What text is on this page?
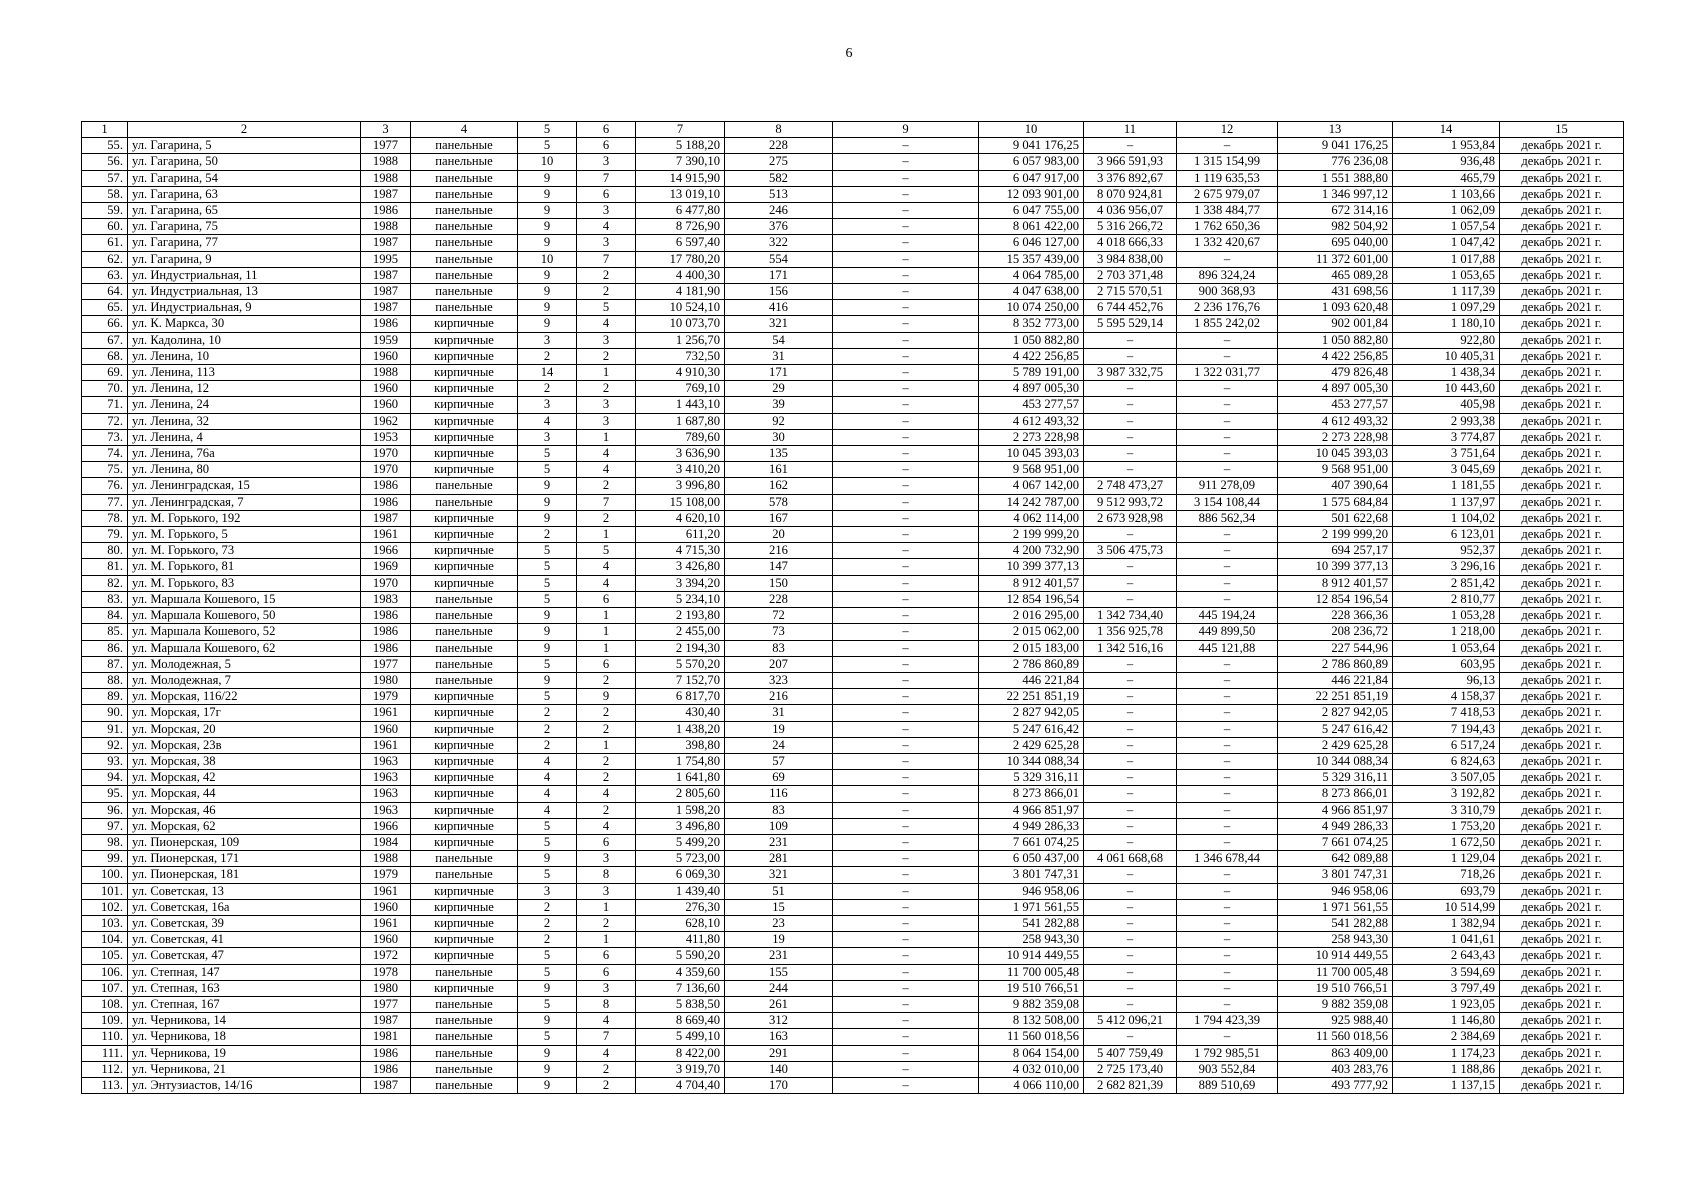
6
1	2	3	4	5	6	7	8	9	10	11	12	13	14	15
55.	ул. Гагарина, 5	1977	панельные	5	6	5 188,20	228	–	9 041 176,25	–	–	9 041 176,25	1 953,84	декабрь 2021 г.
56.	ул. Гагарина, 50	1988	панельные	10	3	7 390,10	275	–	6 057 983,00	3 966 591,93	1 315 154,99	776 236,08	936,48	декабрь 2021 г.
57.	ул. Гагарина, 54	1988	панельные	9	7	14 915,90	582	–	6 047 917,00	3 376 892,67	1 119 635,53	1 551 388,80	465,79	декабрь 2021 г.
58.	ул. Гагарина, 63	1987	панельные	9	6	13 019,10	513	–	12 093 901,00	8 070 924,81	2 675 979,07	1 346 997,12	1 103,66	декабрь 2021 г.
59.	ул. Гагарина, 65	1986	панельные	9	3	6 477,80	246	–	6 047 755,00	4 036 956,07	1 338 484,77	672 314,16	1 062,09	декабрь 2021 г.
60.	ул. Гагарина, 75	1988	панельные	9	4	8 726,90	376	–	8 061 422,00	5 316 266,72	1 762 650,36	982 504,92	1 057,54	декабрь 2021 г.
61.	ул. Гагарина, 77	1987	панельные	9	3	6 597,40	322	–	6 046 127,00	4 018 666,33	1 332 420,67	695 040,00	1 047,42	декабрь 2021 г.
62.	ул. Гагарина, 9	1995	панельные	10	7	17 780,20	554	–	15 357 439,00	3 984 838,00	–	11 372 601,00	1 017,88	декабрь 2021 г.
63.	ул. Индустриальная, 11	1987	панельные	9	2	4 400,30	171	–	4 064 785,00	2 703 371,48	896 324,24	465 089,28	1 053,65	декабрь 2021 г.
64.	ул. Индустриальная, 13	1987	панельные	9	2	4 181,90	156	–	4 047 638,00	2 715 570,51	900 368,93	431 698,56	1 117,39	декабрь 2021 г.
65.	ул. Индустриальная, 9	1987	панельные	9	5	10 524,10	416	–	10 074 250,00	6 744 452,76	2 236 176,76	1 093 620,48	1 097,29	декабрь 2021 г.
66.	ул. К. Маркса, 30	1986	кирпичные	9	4	10 073,70	321	–	8 352 773,00	5 595 529,14	1 855 242,02	902 001,84	1 180,10	декабрь 2021 г.
67.	ул. Кадолина, 10	1959	кирпичные	3	3	1 256,70	54	–	1 050 882,80	–	–	1 050 882,80	922,80	декабрь 2021 г.
68.	ул. Ленина, 10	1960	кирпичные	2	2	732,50	31	–	4 422 256,85	–	–	4 422 256,85	10 405,31	декабрь 2021 г.
69.	ул. Ленина, 113	1988	кирпичные	14	1	4 910,30	171	–	5 789 191,00	3 987 332,75	1 322 031,77	479 826,48	1 438,34	декабрь 2021 г.
70.	ул. Ленина, 12	1960	кирпичные	2	2	769,10	29	–	4 897 005,30	–	–	4 897 005,30	10 443,60	декабрь 2021 г.
71.	ул. Ленина, 24	1960	кирпичные	3	3	1 443,10	39	–	453 277,57	–	–	453 277,57	405,98	декабрь 2021 г.
72.	ул. Ленина, 32	1962	кирпичные	4	3	1 687,80	92	–	4 612 493,32	–	–	4 612 493,32	2 993,38	декабрь 2021 г.
73.	ул. Ленина, 4	1953	кирпичные	3	1	789,60	30	–	2 273 228,98	–	–	2 273 228,98	3 774,87	декабрь 2021 г.
74.	ул. Ленина, 76а	1970	кирпичные	5	4	3 636,90	135	–	10 045 393,03	–	–	10 045 393,03	3 751,64	декабрь 2021 г.
75.	ул. Ленина, 80	1970	кирпичные	5	4	3 410,20	161	–	9 568 951,00	–	–	9 568 951,00	3 045,69	декабрь 2021 г.
76.	ул. Ленинградская, 15	1986	панельные	9	2	3 996,80	162	–	4 067 142,00	2 748 473,27	911 278,09	407 390,64	1 181,55	декабрь 2021 г.
77.	ул. Ленинградская, 7	1986	панельные	9	7	15 108,00	578	–	14 242 787,00	9 512 993,72	3 154 108,44	1 575 684,84	1 137,97	декабрь 2021 г.
78.	ул. М. Горького, 192	1987	кирпичные	9	2	4 620,10	167	–	4 062 114,00	2 673 928,98	886 562,34	501 622,68	1 104,02	декабрь 2021 г.
79.	ул. М. Горького, 5	1961	кирпичные	2	1	611,20	20	–	2 199 999,20	–	–	2 199 999,20	6 123,01	декабрь 2021 г.
80.	ул. М. Горького, 73	1966	кирпичные	5	5	4 715,30	216	–	4 200 732,90	3 506 475,73	–	694 257,17	952,37	декабрь 2021 г.
81.	ул. М. Горького, 81	1969	кирпичные	5	4	3 426,80	147	–	10 399 377,13	–	–	10 399 377,13	3 296,16	декабрь 2021 г.
82.	ул. М. Горького, 83	1970	кирпичные	5	4	3 394,20	150	–	8 912 401,57	–	–	8 912 401,57	2 851,42	декабрь 2021 г.
83.	ул. Маршала Кошевого, 15	1983	панельные	5	6	5 234,10	228	–	12 854 196,54	–	–	12 854 196,54	2 810,77	декабрь 2021 г.
84.	ул. Маршала Кошевого, 50	1986	панельные	9	1	2 193,80	72	–	2 016 295,00	1 342 734,40	445 194,24	228 366,36	1 053,28	декабрь 2021 г.
85.	ул. Маршала Кошевого, 52	1986	панельные	9	1	2 455,00	73	–	2 015 062,00	1 356 925,78	449 899,50	208 236,72	1 218,00	декабрь 2021 г.
86.	ул. Маршала Кошевого, 62	1986	панельные	9	1	2 194,30	83	–	2 015 183,00	1 342 516,16	445 121,88	227 544,96	1 053,64	декабрь 2021 г.
87.	ул. Молодежная, 5	1977	панельные	5	6	5 570,20	207	–	2 786 860,89	–	–	2 786 860,89	603,95	декабрь 2021 г.
88.	ул. Молодежная, 7	1980	панельные	9	2	7 152,70	323	–	446 221,84	–	–	446 221,84	96,13	декабрь 2021 г.
89.	ул. Морская, 116/22	1979	кирпичные	5	9	6 817,70	216	–	22 251 851,19	–	–	22 251 851,19	4 158,37	декабрь 2021 г.
90.	ул. Морская, 17г	1961	кирпичные	2	2	430,40	31	–	2 827 942,05	–	–	2 827 942,05	7 418,53	декабрь 2021 г.
91.	ул. Морская, 20	1960	кирпичные	2	2	1 438,20	19	–	5 247 616,42	–	–	5 247 616,42	7 194,43	декабрь 2021 г.
92.	ул. Морская, 23в	1961	кирпичные	2	1	398,80	24	–	2 429 625,28	–	–	2 429 625,28	6 517,24	декабрь 2021 г.
93.	ул. Морская, 38	1963	кирпичные	4	2	1 754,80	57	–	10 344 088,34	–	–	10 344 088,34	6 824,63	декабрь 2021 г.
94.	ул. Морская, 42	1963	кирпичные	4	2	1 641,80	69	–	5 329 316,11	–	–	5 329 316,11	3 507,05	декабрь 2021 г.
95.	ул. Морская, 44	1963	кирпичные	4	4	2 805,60	116	–	8 273 866,01	–	–	8 273 866,01	3 192,82	декабрь 2021 г.
96.	ул. Морская, 46	1963	кирпичные	4	2	1 598,20	83	–	4 966 851,97	–	–	4 966 851,97	3 310,79	декабрь 2021 г.
97.	ул. Морская, 62	1966	кирпичные	5	4	3 496,80	109	–	4 949 286,33	–	–	4 949 286,33	1 753,20	декабрь 2021 г.
98.	ул. Пионерская, 109	1984	кирпичные	5	6	5 499,20	231	–	7 661 074,25	–	–	7 661 074,25	1 672,50	декабрь 2021 г.
99.	ул. Пионерская, 171	1988	панельные	9	3	5 723,00	281	–	6 050 437,00	4 061 668,68	1 346 678,44	642 089,88	1 129,04	декабрь 2021 г.
100.	ул. Пионерская, 181	1979	панельные	5	8	6 069,30	321	–	3 801 747,31	–	–	3 801 747,31	718,26	декабрь 2021 г.
101.	ул. Советская, 13	1961	кирпичные	3	3	1 439,40	51	–	946 958,06	–	–	946 958,06	693,79	декабрь 2021 г.
102.	ул. Советская, 16а	1960	кирпичные	2	1	276,30	15	–	1 971 561,55	–	–	1 971 561,55	10 514,99	декабрь 2021 г.
103.	ул. Советская, 39	1961	кирпичные	2	2	628,10	23	–	541 282,88	–	–	541 282,88	1 382,94	декабрь 2021 г.
104.	ул. Советская, 41	1960	кирпичные	2	1	411,80	19	–	258 943,30	–	–	258 943,30	1 041,61	декабрь 2021 г.
105.	ул. Советская, 47	1972	кирпичные	5	6	5 590,20	231	–	10 914 449,55	–	–	10 914 449,55	2 643,43	декабрь 2021 г.
106.	ул. Степная, 147	1978	панельные	5	6	4 359,60	155	–	11 700 005,48	–	–	11 700 005,48	3 594,69	декабрь 2021 г.
107.	ул. Степная, 163	1980	кирпичные	9	3	7 136,60	244	–	19 510 766,51	–	–	19 510 766,51	3 797,49	декабрь 2021 г.
108.	ул. Степная, 167	1977	панельные	5	8	5 838,50	261	–	9 882 359,08	–	–	9 882 359,08	1 923,05	декабрь 2021 г.
109.	ул. Черникова, 14	1987	панельные	9	4	8 669,40	312	–	8 132 508,00	5 412 096,21	1 794 423,39	925 988,40	1 146,80	декабрь 2021 г.
110.	ул. Черникова, 18	1981	панельные	5	7	5 499,10	163	–	11 560 018,56	–	–	11 560 018,56	2 384,69	декабрь 2021 г.
111.	ул. Черникова, 19	1986	панельные	9	4	8 422,00	291	–	8 064 154,00	5 407 759,49	1 792 985,51	863 409,00	1 174,23	декабрь 2021 г.
112.	ул. Черникова, 21	1986	панельные	9	2	3 919,70	140	–	4 032 010,00	2 725 173,40	903 552,84	403 283,76	1 188,86	декабрь 2021 г.
113.	ул. Энтузиастов, 14/16	1987	панельные	9	2	4 704,40	170	–	4 066 110,00	2 682 821,39	889 510,69	493 777,92	1 137,15	декабрь 2021 г.
